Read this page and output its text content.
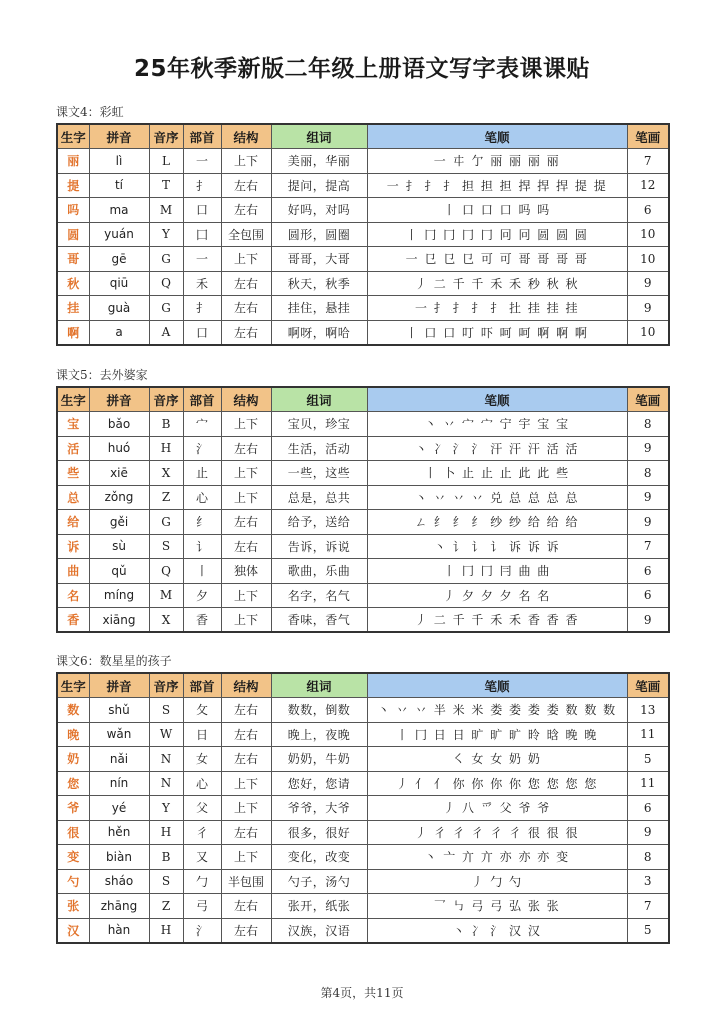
25年秋季新版二年级上册语文写字表课课贴
课文4：彩虹
生字	拼音	音序	部首	结构	组词	笔顺	笔画
丽	lì	L	一	上下	美丽，华丽	一 㐄 亇 丽 丽 丽 丽	7
提	tí	T	扌	左右	提问，提高	一 扌 扌 扌 担 担 担 捍 捍 捍 提 提	12
吗	ma	M	口	左右	好吗，对吗	丨 口 口 口 吗 吗	6
圆	yuán	Y	囗	全包围	圆形，圆圈	丨 冂 冂 冂 冂 冋 冋 圆 圆 圆	10
哥	gē	G	一	上下	哥哥，大哥	一 㔾 㔾 㔾 可 可 哥 哥 哥 哥	10
秋	qiū	Q	禾	左右	秋天，秋季	丿 二 千 千 禾 禾 秒 秋 秋	9
挂	guà	G	扌	左右	挂住，悬挂	一 扌 扌 扌 扌 扗 挂 挂 挂	9
啊	a	A	口	左右	啊呀，啊哈	丨 口 口 叮 吓 呵 呵 啊 啊 啊	10
课文5：去外婆家
生字	拼音	音序	部首	结构	组词	笔顺	笔画
宝	bǎo	B	宀	上下	宝贝，珍宝	丶 丷 宀 宀 宁 宇 宝 宝	8
活	huó	H	氵	左右	生活，活动	丶 冫 氵 氵 汗 汗 汗 活 活	9
些	xiē	X	止	上下	一些，这些	丨 卜 止 止 止 此 此 些	8
总	zǒng	Z	心	上下	总是，总共	丶 丷 丷 丷 兑 总 总 总 总	9
给	gěi	G	纟	左右	给予，送给	ㄥ 纟 纟 纟 纱 纱 给 给 给	9
诉	sù	S	讠	左右	告诉，诉说	丶 讠 讠 讠 诉 诉 诉	7
曲	qǔ	Q	丨	独体	歌曲，乐曲	丨 冂 冂 冃 曲 曲	6
名	míng	M	夕	上下	名字，名气	丿 夕 夕 夕 名 名	6
香	xiāng	X	香	上下	香味，香气	丿 二 千 千 禾 禾 香 香 香	9
课文6：数星星的孩子
生字	拼音	音序	部首	结构	组词	笔顺	笔画
数	shǔ	S	攵	左右	数数，倒数	丶 丷 丷 半 米 米 娄 娄 娄 娄 数 数 数	13
晚	wǎn	W	日	左右	晚上，夜晚	丨 冂 日 日 旷 旷 旷 昤 晗 晚 晚	11
奶	nǎi	N	女	左右	奶奶，牛奶	㇛ 女 女 奶 奶	5
您	nín	N	心	上下	您好，您请	丿 亻 亻 你 你 你 你 您 您 您 您	11
爷	yé	Y	父	上下	爷爷，大爷	丿 八 爫 父 爷 爷	6
很	hěn	H	彳	左右	很多，很好	丿 彳 彳 彳 彳 彳 很 很 很	9
变	biàn	B	又	上下	变化，改变	丶 亠 亣 亣 亦 亦 亦 变	8
勺	sháo	S	勹	半包围	勺子，汤勺	丿 勹 勺	3
张	zhāng	Z	弓	左右	张开，纸张	乛 ㇉ 弓 弓 弘 张 张	7
汉	hàn	H	氵	左右	汉族，汉语	丶 冫 氵 汉 汉	5
第4页，共11页
